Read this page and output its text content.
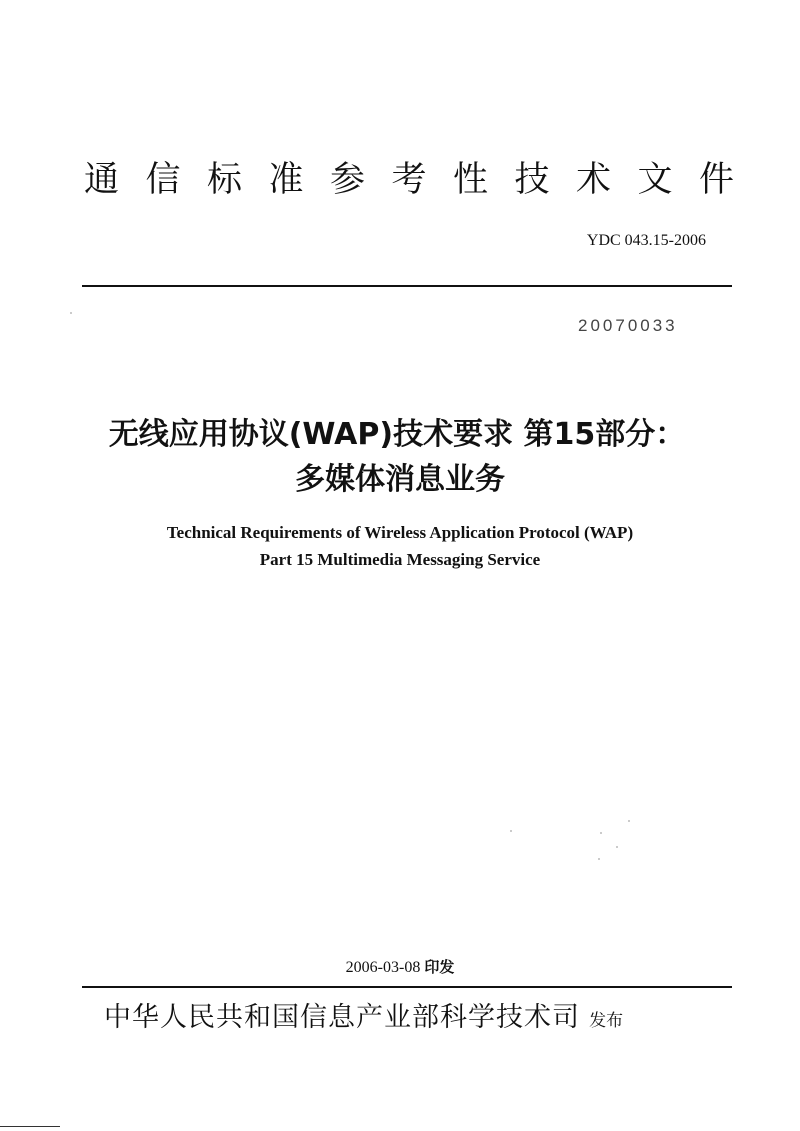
通信标准参考性技术文件
YDC 043.15-2006
20070033
无线应用协议(WAP)技术要求 第15部分：
多媒体消息业务
Technical Requirements of Wireless Application Protocol (WAP)
Part 15 Multimedia Messaging Service
2006-03-08 印发
中华人民共和国信息产业部科学技术司 发布
